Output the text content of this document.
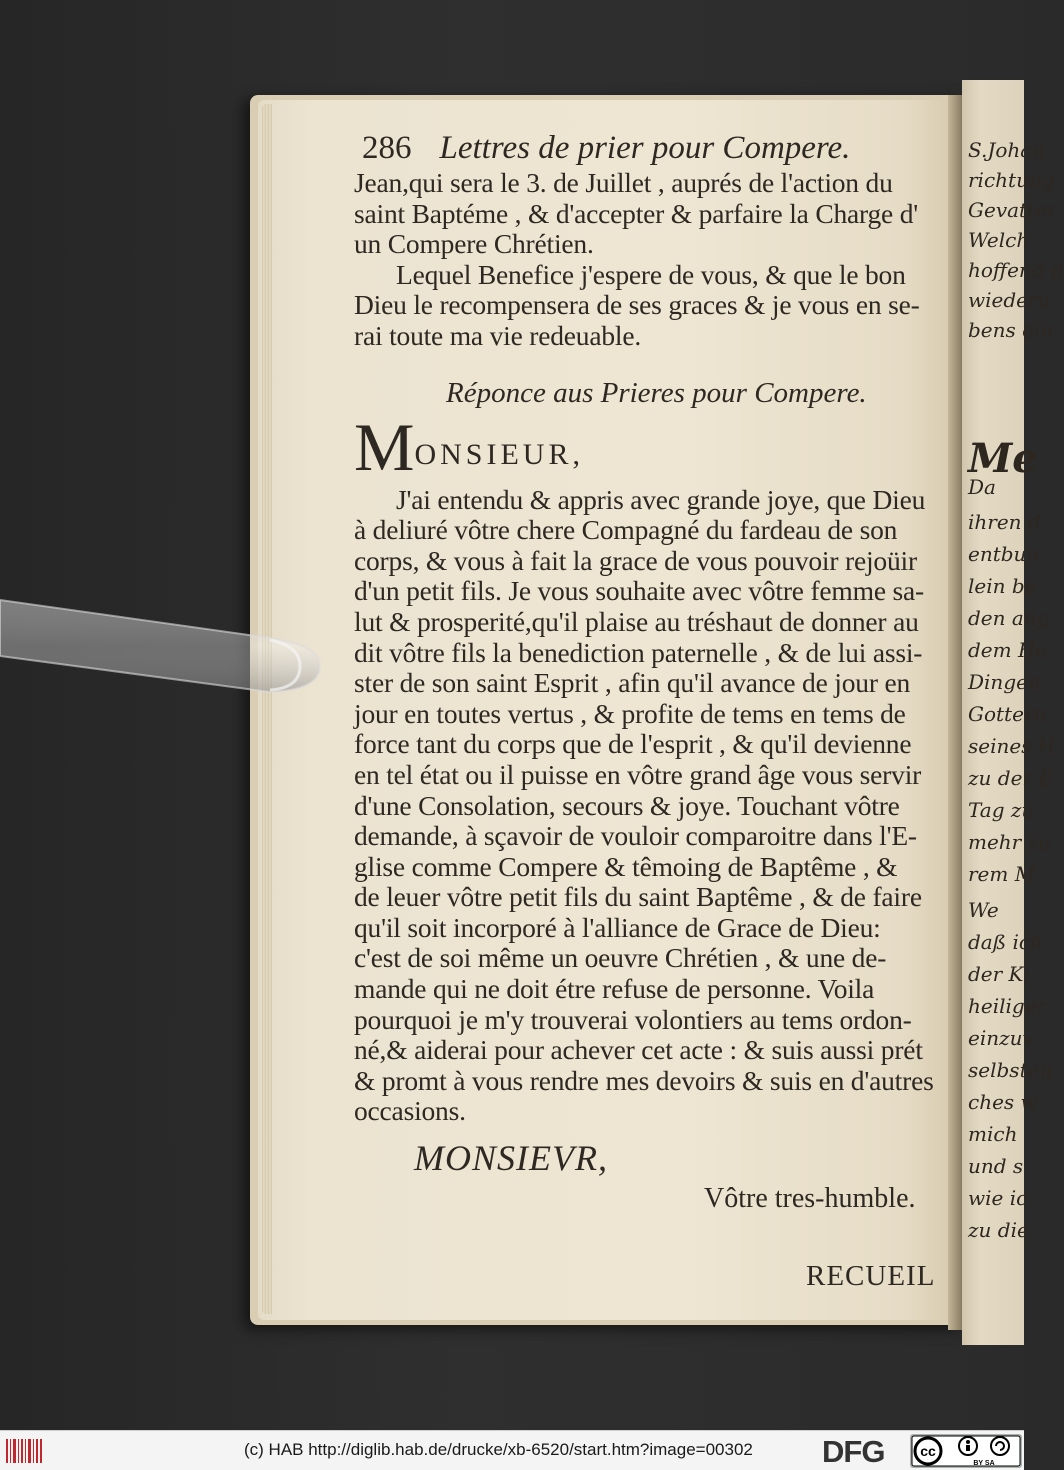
S.Johan
richtung
Gevatter
Welch
hoffend d
wiederu
bens ein
Me
Da
ihren d
entbun
lein be
den ang
dem He
Dingen
Gottern
seines H
zu der E
Tag zu
mehr zu
rem M
We
daß ich
der Ki
heiliger
einzuv
selbsten
ches w
mich
und s
wie ic
zu die
286 Lettres de prier pour Compere.
Jean,qui sera le 3. de Juillet , auprés de l'action du
saint Baptéme , & d'accepter & parfaire la Charge d'
un Compere Chrétien.
Lequel Benefice j'espere de vous, & que le bon
Dieu le recompensera de ses graces & je vous en se-
rai toute ma vie redeuable.
Réponce aus Prieres pour Compere.
MONSIEUR,
J'ai entendu & appris avec grande joye, que Dieu
à deliuré vôtre chere Compagné du fardeau de son
corps, & vous à fait la grace de vous pouvoir rejoüir
d'un petit fils. Je vous souhaite avec vôtre femme sa-
lut & prosperité,qu'il plaise au tréshaut de donner au
dit vôtre fils la benediction paternelle , & de lui assi-
ster de son saint Esprit , afin qu'il avance de jour en
jour en toutes vertus , & profite de tems en tems de
force tant du corps que de l'esprit , & qu'il devienne
en tel état ou il puisse en vôtre grand âge vous servir
d'une Consolation, secours & joye. Touchant vôtre
demande, à sçavoir de vouloir comparoitre dans l'E-
glise comme Compere & têmoing de Baptême , &
de leuer vôtre petit fils du saint Baptême , & de faire
qu'il soit incorporé à l'alliance de Grace de Dieu:
c'est de soi même un oeuvre Chrétien , & une de-
mande qui ne doit étre refuse de personne. Voila
pourquoi je m'y trouverai volontiers au tems ordon-
né,& aiderai pour achever cet acte : & suis aussi prét
& promt à vous rendre mes devoirs & suis en d'autres
occasions.
MONSIEVR,
Vôtre tres-humble.
RECUEIL
(c) HAB http://diglib.hab.de/drucke/xb-6520/start.htm?image=00302 DFG	cc
BY SA
